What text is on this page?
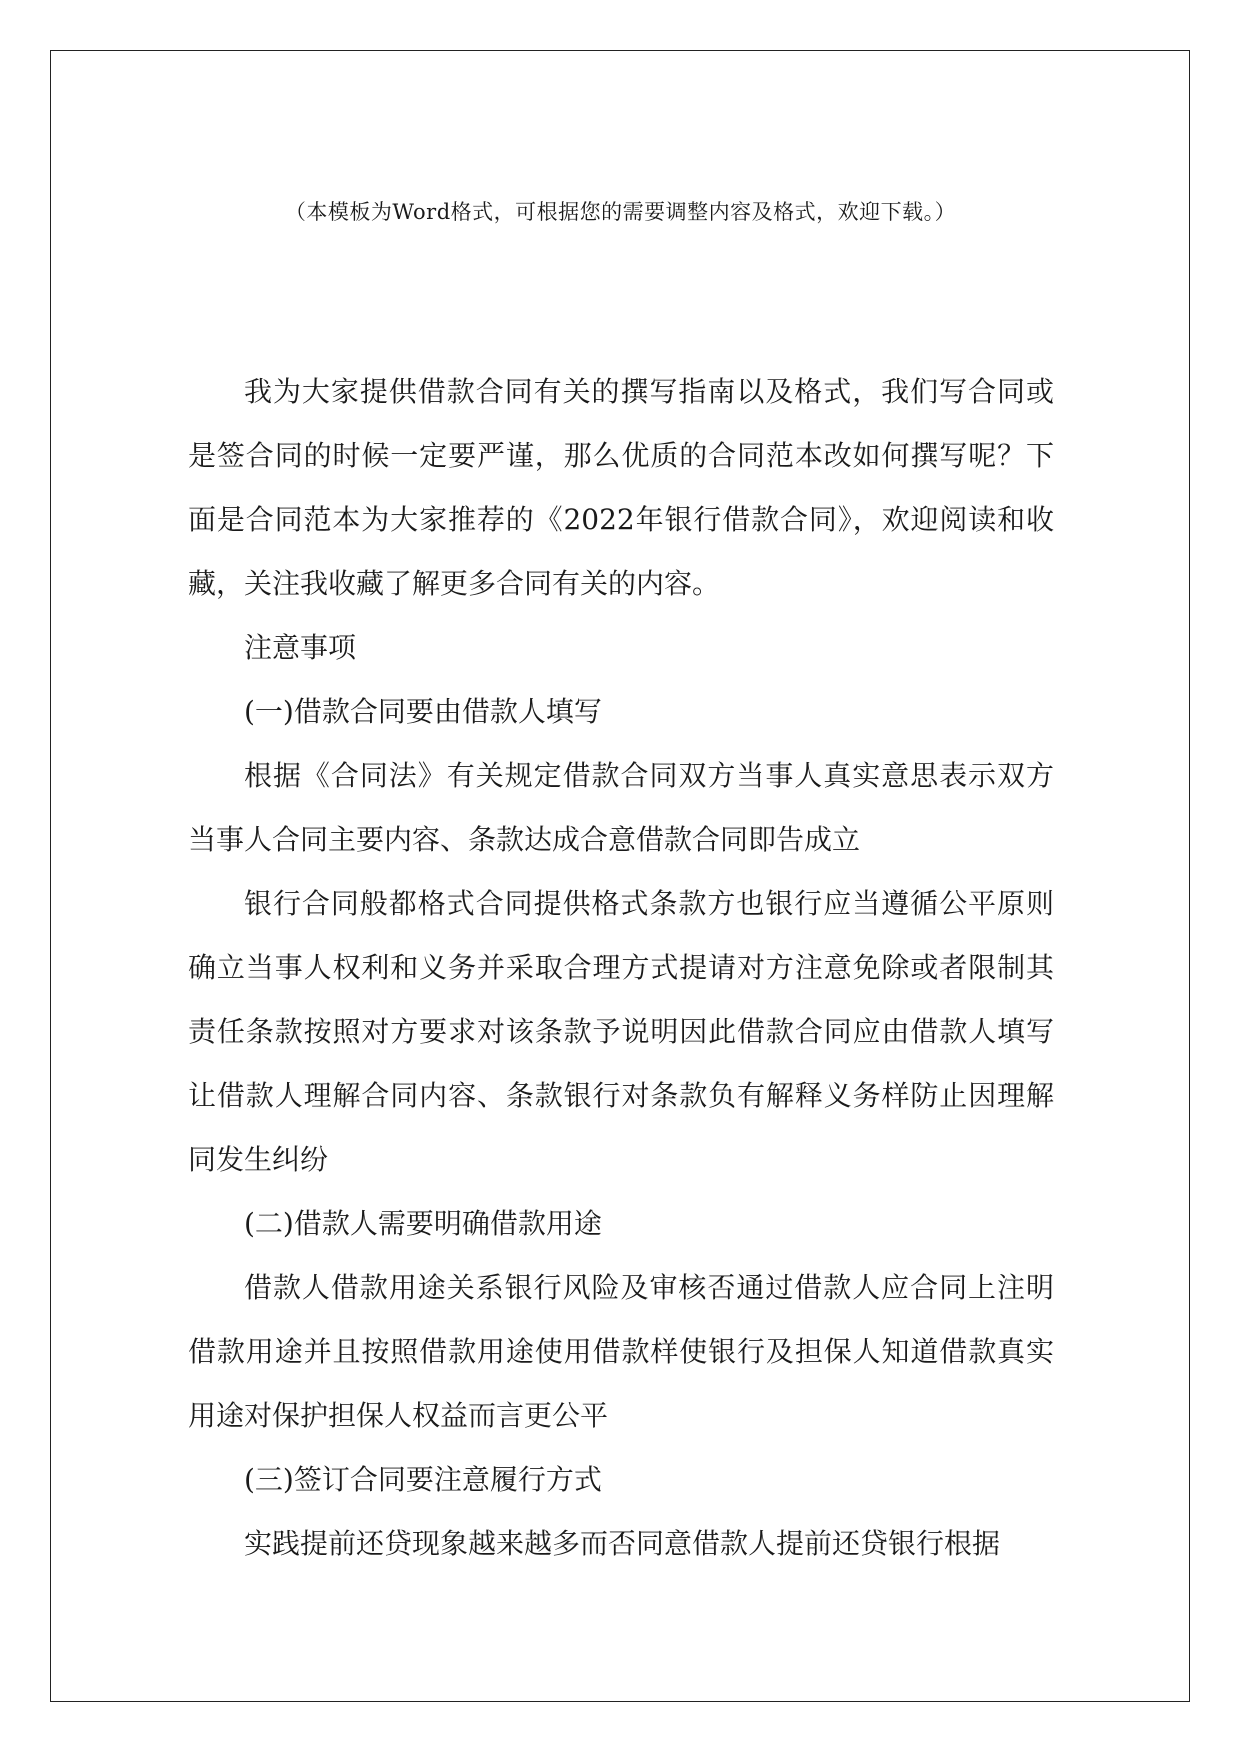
（本模板为Word格式，可根据您的需要调整内容及格式，欢迎下载。）

我为大家提供借款合同有关的撰写指南以及格式，我们写合同或是签合同的时候一定要严谨，那么优质的合同范本改如何撰写呢？下面是合同范本为大家推荐的《2022年银行借款合同》，欢迎阅读和收藏，关注我收藏了解更多合同有关的内容。

注意事项

(一)借款合同要由借款人填写

根据《合同法》有关规定借款合同双方当事人真实意思表示双方当事人合同主要内容、条款达成合意借款合同即告成立

银行合同般都格式合同提供格式条款方也银行应当遵循公平原则确立当事人权利和义务并采取合理方式提请对方注意免除或者限制其责任条款按照对方要求对该条款予说明因此借款合同应由借款人填写让借款人理解合同内容、条款银行对条款负有解释义务样防止因理解同发生纠纷

(二)借款人需要明确借款用途

借款人借款用途关系银行风险及审核否通过借款人应合同上注明借款用途并且按照借款用途使用借款样使银行及担保人知道借款真实用途对保护担保人权益而言更公平

(三)签订合同要注意履行方式

实践提前还贷现象越来越多而否同意借款人提前还贷银行根据
